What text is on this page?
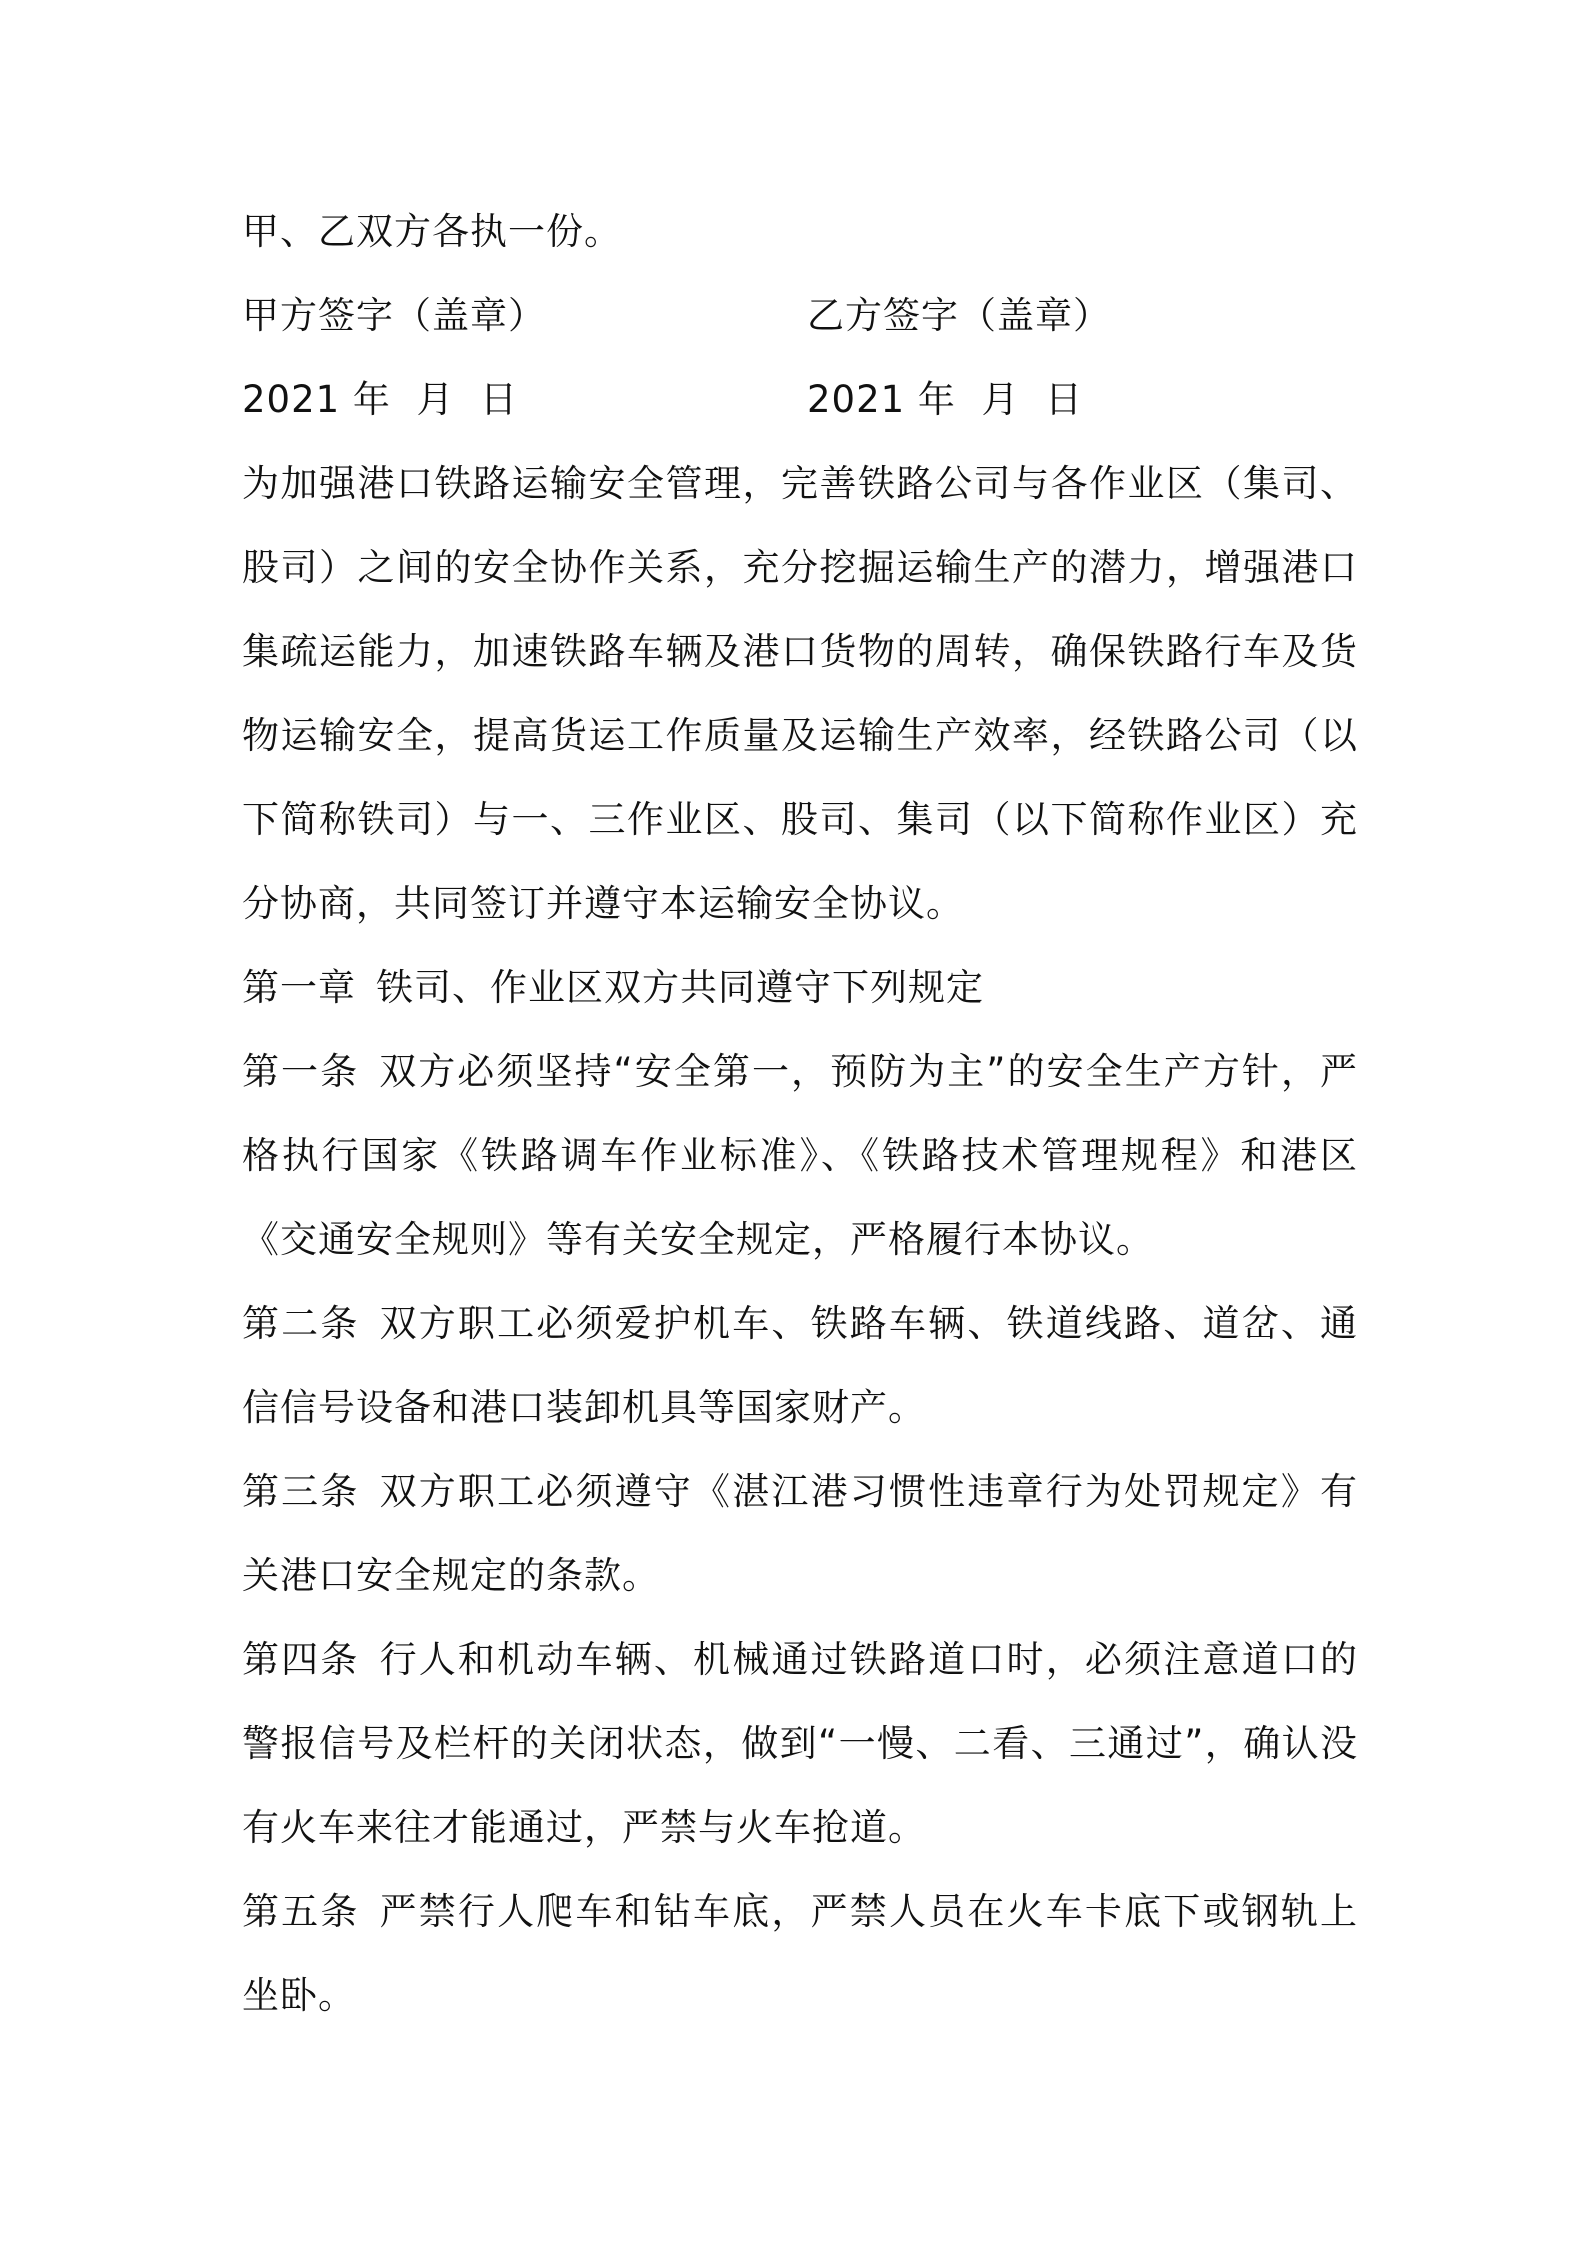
甲、乙双方各执一份。
甲方签字（盖章）	乙方签字（盖章）
2021 年  月  日	2021 年  月  日

为加强港口铁路运输安全管理，完善铁路公司与各作业区（集司、股司）之间的安全协作关系，充分挖掘运输生产的潜力，增强港口集疏运能力，加速铁路车辆及港口货物的周转，确保铁路行车及货物运输安全，提高货运工作质量及运输生产效率，经铁路公司（以下简称铁司）与一、三作业区、股司、集司（以下简称作业区）充分协商，共同签订并遵守本运输安全协议。

第一章 铁司、作业区双方共同遵守下列规定

第一条 双方必须坚持“安全第一，预防为主”的安全生产方针，严格执行国家《铁路调车作业标准》、《铁路技术管理规程》和港区《交通安全规则》等有关安全规定，严格履行本协议。

第二条 双方职工必须爱护机车、铁路车辆、铁道线路、道岔、通信信号设备和港口装卸机具等国家财产。

第三条 双方职工必须遵守《湛江港习惯性违章行为处罚规定》有关港口安全规定的条款。

第四条 行人和机动车辆、机械通过铁路道口时，必须注意道口的警报信号及栏杆的关闭状态，做到“一慢、二看、三通过”，确认没有火车来往才能通过，严禁与火车抢道。

第五条 严禁行人爬车和钻车底，严禁人员在火车卡底下或钢轨上坐卧。
